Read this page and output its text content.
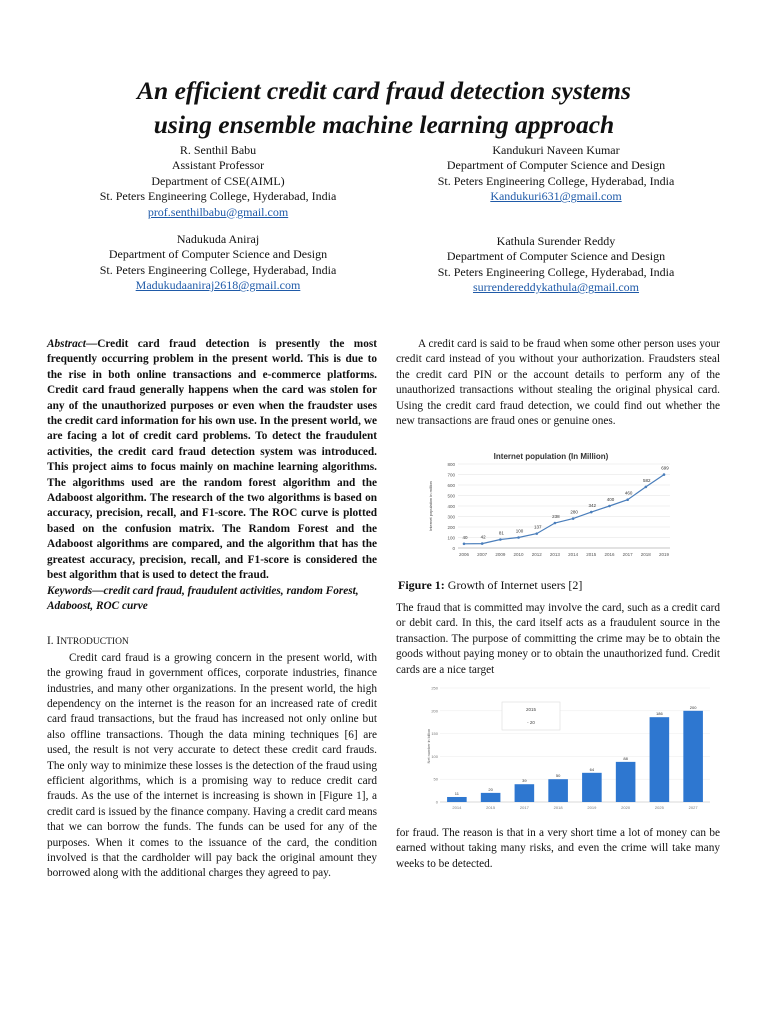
An efficient credit card fraud detection systems
using ensemble machine learning approach
R. Senthil Babu
Assistant Professor
Department of CSE(AIML)
St. Peters Engineering College, Hyderabad, India
prof.senthilbabu@gmail.com
Kandukuri Naveen Kumar
Department of Computer Science and Design
St. Peters Engineering College, Hyderabad, India
Kandukuri631@gmail.com
Nadukuda Aniraj
Department of Computer Science and Design
St. Peters Engineering College, Hyderabad, India
Madukudaaniraj2618@gmail.com
Kathula Surender Reddy
Department of Computer Science and Design
St. Peters Engineering College, Hyderabad, India
surrendereddykathula@gmail.com

Abstract—Credit card fraud detection is presently the most frequently occurring problem in the present world. This is due to the rise in both online transactions and e-commerce platforms. Credit card fraud generally happens when the card was stolen for any of the unauthorized purposes or even when the fraudster uses the credit card information for his own use. In the present world, we are facing a lot of credit card problems. To detect the fraudulent activities, the credit card fraud detection system was introduced. This project aims to focus mainly on machine learning algorithms. The algorithms used are the random forest algorithm and the Adaboost algorithm. The research of the two algorithms is based on accuracy, precision, recall, and F1-score. The ROC curve is plotted based on the confusion matrix. The Random Forest and the Adaboost algorithms are compared, and the algorithm that has the greatest accuracy, precision, recall, and F1-score is considered the best algorithm that is used to detect the fraud.

Keywords—credit card fraud, fraudulent activities, random Forest, Adaboost, ROC curve

I. INTRODUCTION

Credit card fraud is a growing concern in the present world, with the growing fraud in government offices, corporate industries, finance industries, and many other organizations. In the present world, the high dependency on the internet is the reason for an increased rate of credit card fraud transactions, but the fraud has increased not only online but also offline transactions. Though the data mining techniques [6] are used, the result is not very accurate to detect these credit card frauds. The only way to minimize these losses is the detection of the fraud using efficient algorithms, which is a promising way to reduce credit card frauds. As the use of the internet is increasing is shown in [Figure 1], a credit card is issued by the finance company. Having a credit card means that we can borrow the funds. The funds can be used for any of the purposes. When it comes to the issuance of the card, the condition involved is that the cardholder will pay back the original amount they borrowed along with the additional charges they agreed to pay.

A credit card is said to be fraud when some other person uses your credit card instead of you without your authorization. Fraudsters steal the credit card PIN or the account details to perform any of the unauthorized transactions without stealing the original physical card. Using the credit card fraud detection, we could find out whether the new transactions are fraud ones or genuine ones.

Internet population (In Million)
Internet population in million
0
100
200
300
400
500
600
700
800
2006 2007 2009 2010 2012 2013 2014 2015 2016 2017 2018 2019
40	42
81	100
137
238
280
342
400
460
582
699
Figure 1: Growth of Internet users [2]

The fraud that is committed may involve the card, such as a credit card or debit card. In this, the card itself acts as a fraudulent source in the transaction. The purpose of committing the crime may be to obtain the goods without paying money or to obtain the unauthorized fund. Credit cards are a nice target

Net number in billion
0
50
100
150
200
250
2015
- 20
11
2014
20
2015
39
2017
50
2018
64
2019
88
2020
186
2025
200
2027

for fraud. The reason is that in a very short time a lot of money can be earned without taking many risks, and even the crime will take many weeks to be detected.
